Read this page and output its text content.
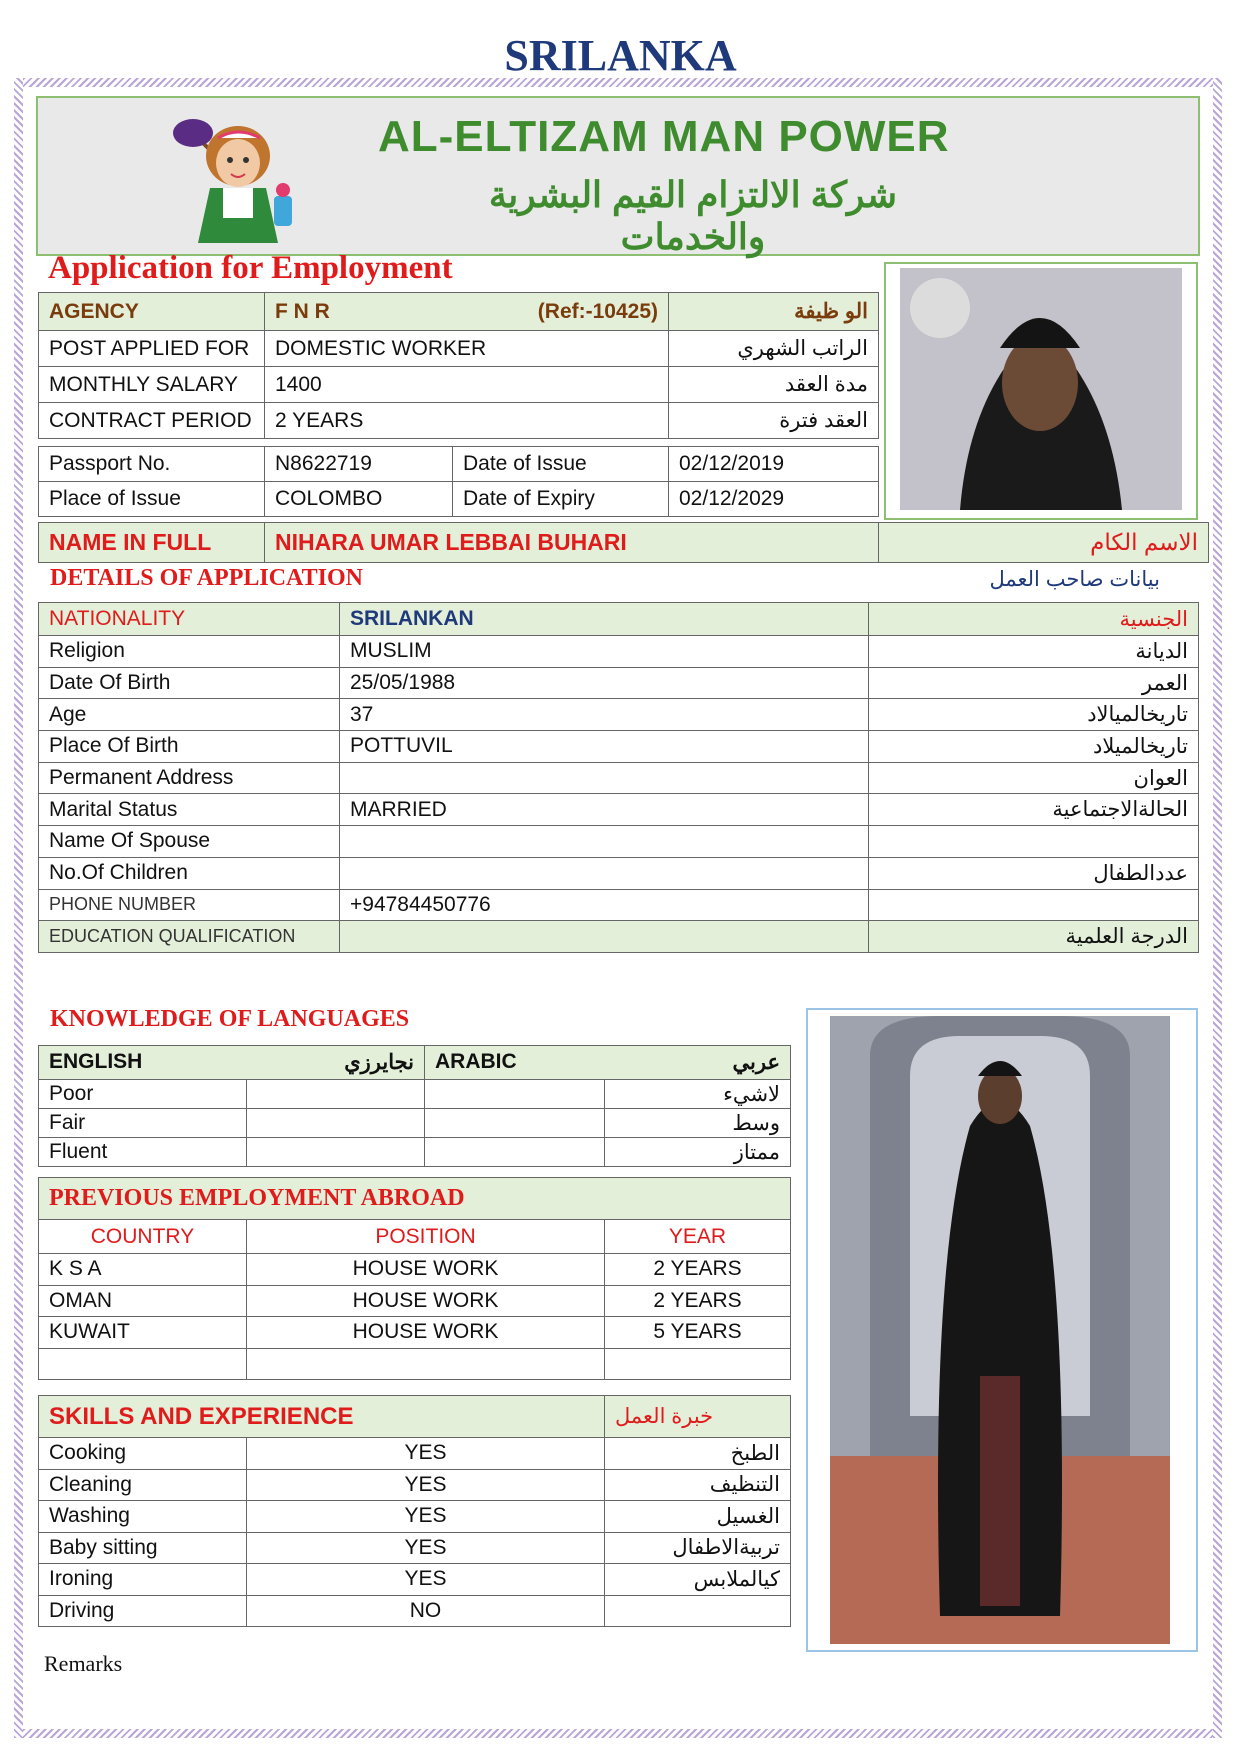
SRILANKA
AL-ELTIZAM MAN POWER
شركة الالتزام القيم البشرية والخدمات
Application for Employment
AGENCY	F N R (Ref:-10425)	الو ظيفة
POST APPLIED FOR	DOMESTIC WORKER	الراتب الشهري
MONTHLY SALARY	1400	مدة العقد
CONTRACT PERIOD	2 YEARS	العقد فترة
Passport No.	N8622719	Date of Issue	02/12/2019
Place of Issue	COLOMBO	Date of Expiry	02/12/2029
NAME IN FULL	NIHARA UMAR LEBBAI BUHARI	الاسم الكام
DETAILS OF APPLICATION	بيانات صاحب العمل
NATIONALITY	SRILANKAN	الجنسية
Religion	MUSLIM	الديانة
Date Of Birth	25/05/1988	العمر
Age	37	تاريخالميالاد
Place Of Birth	POTTUVIL	تاريخالميلاد
Permanent Address		العوان
Marital Status	MARRIED	الحالةالاجتماعية
Name Of Spouse		
No.Of Children		عددالطفال
PHONE NUMBER	+94784450776	
EDUCATION QUALIFICATION		الدرجة العلمية
KNOWLEDGE OF LANGUAGES
ENGLISH نجايرزي		ARABIC عربي	

Poor			لاشيء
Fair			وسط
Fluent			ممتاز
PREVIOUS EMPLOYMENT ABROAD		
COUNTRY	POSITION	YEAR
K S A	HOUSE WORK	2 YEARS
OMAN	HOUSE WORK	2 YEARS
KUWAIT	HOUSE WORK	5 YEARS

SKILLS AND EXPERIENCE		خبرة العمل
Cooking	YES	الطبخ
Cleaning	YES	التنظيف
Washing	YES	الغسيل
Baby sitting	YES	تربيةالاطفال
Ironing	YES	كيالملابس
Driving	NO	
Remarks
